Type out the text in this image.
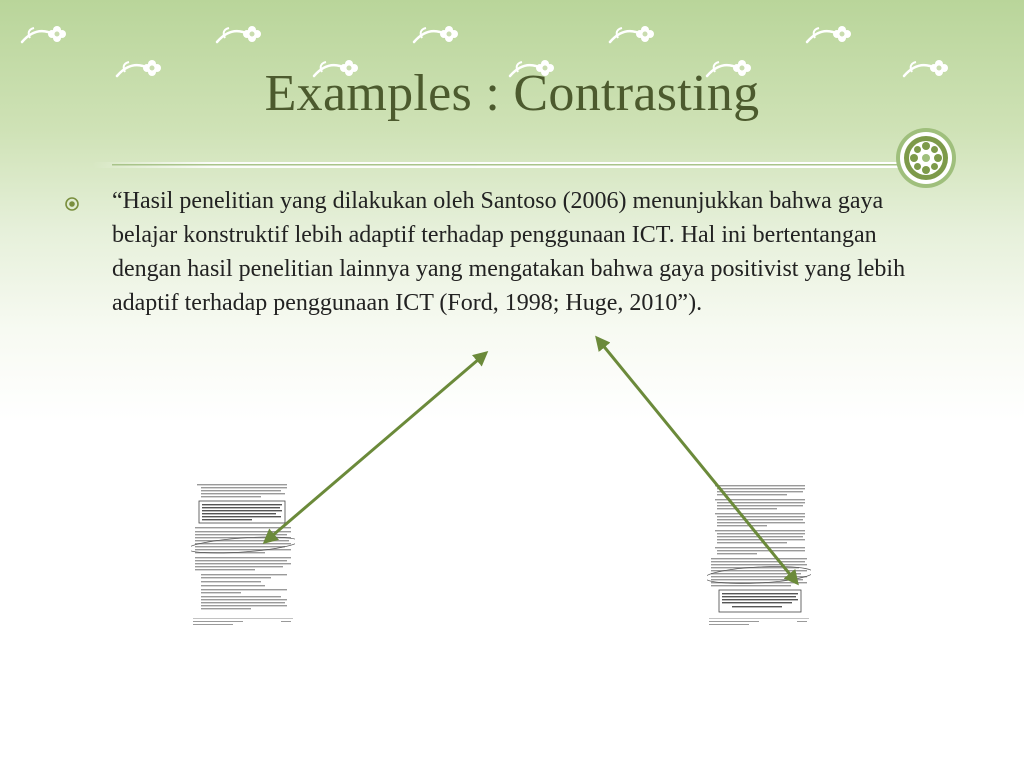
Examples : Contrasting
“Hasil penelitian yang dilakukan oleh Santoso (2006) menunjukkan bahwa gaya belajar konstruktif lebih adaptif terhadap penggunaan ICT. Hal ini bertentangan dengan hasil penelitian lainnya yang mengatakan bahwa gaya positivist yang lebih adaptif terhadap penggunaan ICT (Ford, 1998; Huge, 2010”).
